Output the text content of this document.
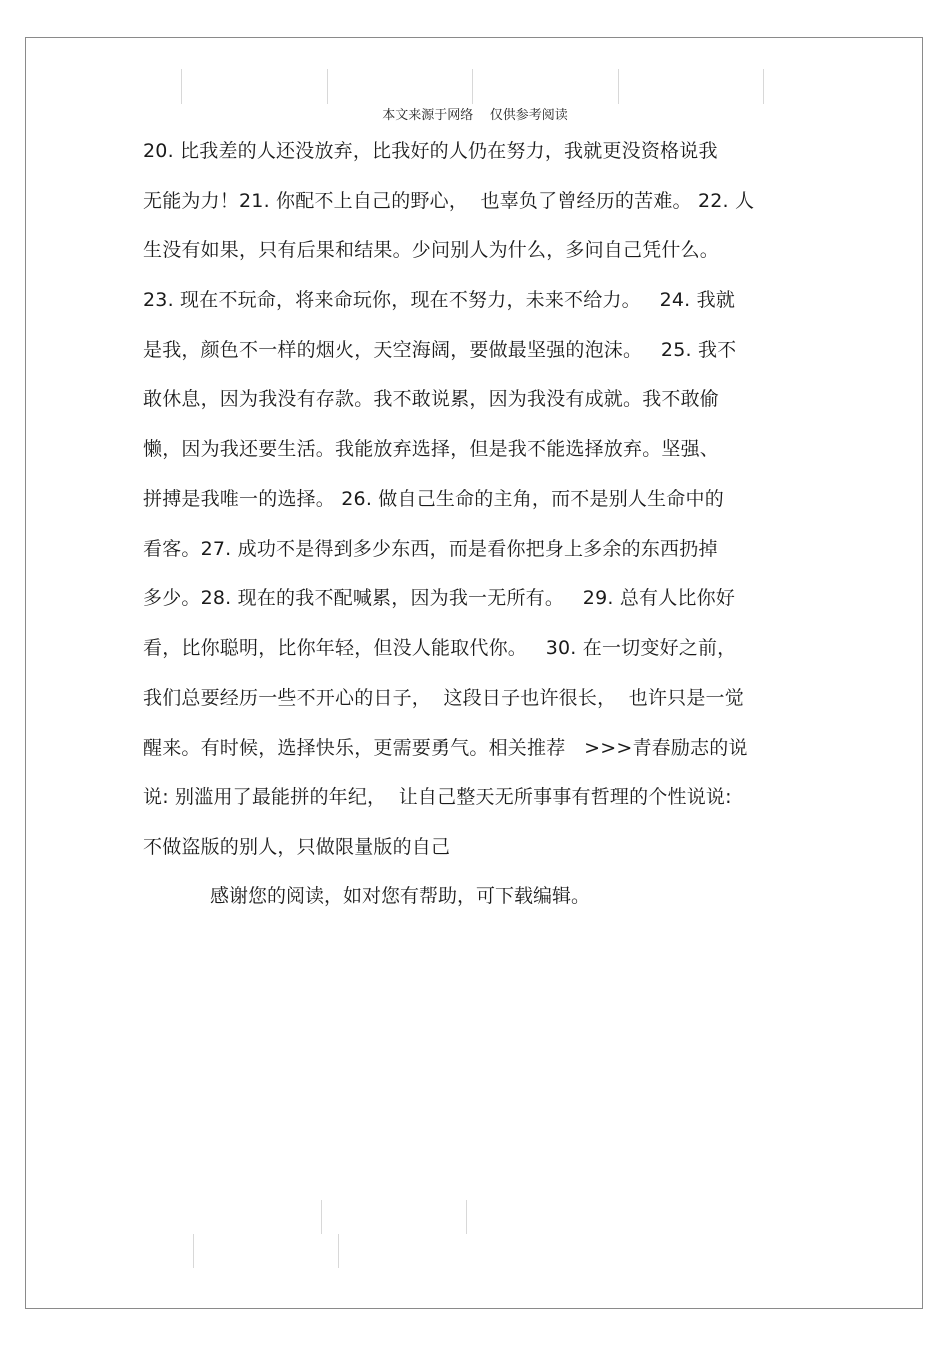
本文来源于网络    仅供参考阅读
20. 比我差的人还没放弃，比我好的人仍在努力，我就更没资格说我
无能为力！21. 你配不上自己的野心，  也辜负了曾经历的苦难。 22. 人
生没有如果，只有后果和结果。少问别人为什么，多问自己凭什么。
23. 现在不玩命，将来命玩你，现在不努力，未来不给力。   24. 我就
是我，颜色不一样的烟火，天空海阔，要做最坚强的泡沫。   25. 我不
敢休息，因为我没有存款。我不敢说累，因为我没有成就。我不敢偷
懒，因为我还要生活。我能放弃选择，但是我不能选择放弃。坚强、
拼搏是我唯一的选择。 26. 做自己生命的主角，而不是别人生命中的
看客。27. 成功不是得到多少东西，而是看你把身上多余的东西扔掉
多少。28. 现在的我不配喊累，因为我一无所有。   29. 总有人比你好
看，比你聪明，比你年轻，但没人能取代你。   30. 在一切变好之前，
我们总要经历一些不开心的日子，  这段日子也许很长，  也许只是一觉
醒来。有时候，选择快乐，更需要勇气。相关推荐   >>>青春励志的说
说: 别滥用了最能拼的年纪，  让自己整天无所事事有哲理的个性说说:
不做盗版的别人，只做限量版的自己
感谢您的阅读，如对您有帮助，可下载编辑。
